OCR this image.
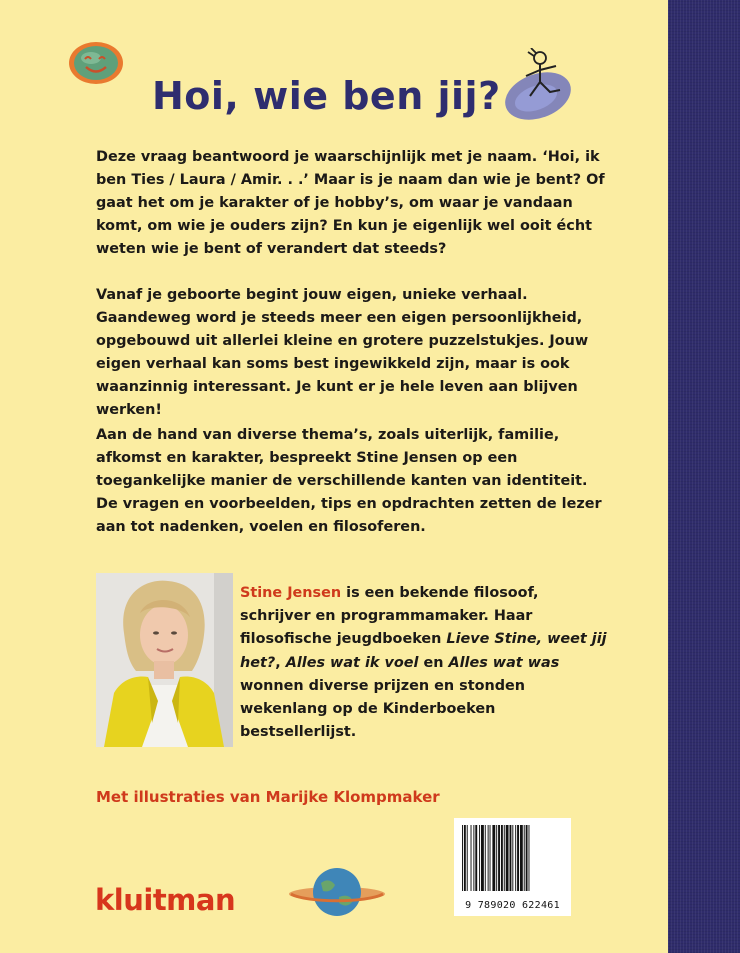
Hoi, wie ben jij?

Deze vraag beantwoord je waarschijnlijk met je naam. ‘Hoi, ik ben Ties / Laura / Amir. . .’ Maar is je naam dan wie je bent? Of gaat het om je karakter of je hobby’s, om waar je vandaan komt, om wie je ouders zijn? En kun je eigenlijk wel ooit écht weten wie je bent of verandert dat steeds?

Vanaf je geboorte begint jouw eigen, unieke verhaal. Gaandeweg word je steeds meer een eigen persoonlijkheid, opgebouwd uit allerlei kleine en grotere puzzelstukjes. Jouw eigen verhaal kan soms best ingewikkeld zijn, maar is ook waanzinnig interessant. Je kunt er je hele leven aan blijven werken!

Aan de hand van diverse thema’s, zoals uiterlijk, familie, afkomst en karakter, bespreekt Stine Jensen op een toegankelijke manier de verschillende kanten van identiteit. De vragen en voorbeelden, tips en opdrachten zetten de lezer aan tot nadenken, voelen en filosoferen.

Stine Jensen is een bekende filosoof, schrijver en programmamaker. Haar filosofische jeugdboeken Lieve Stine, weet jij het?, Alles wat ik voel en Alles wat was wonnen diverse prijzen en stonden wekenlang op de Kinderboeken bestsellerlijst.

Met illustraties van Marijke Klompmaker
kluitman	9 789020 622461
